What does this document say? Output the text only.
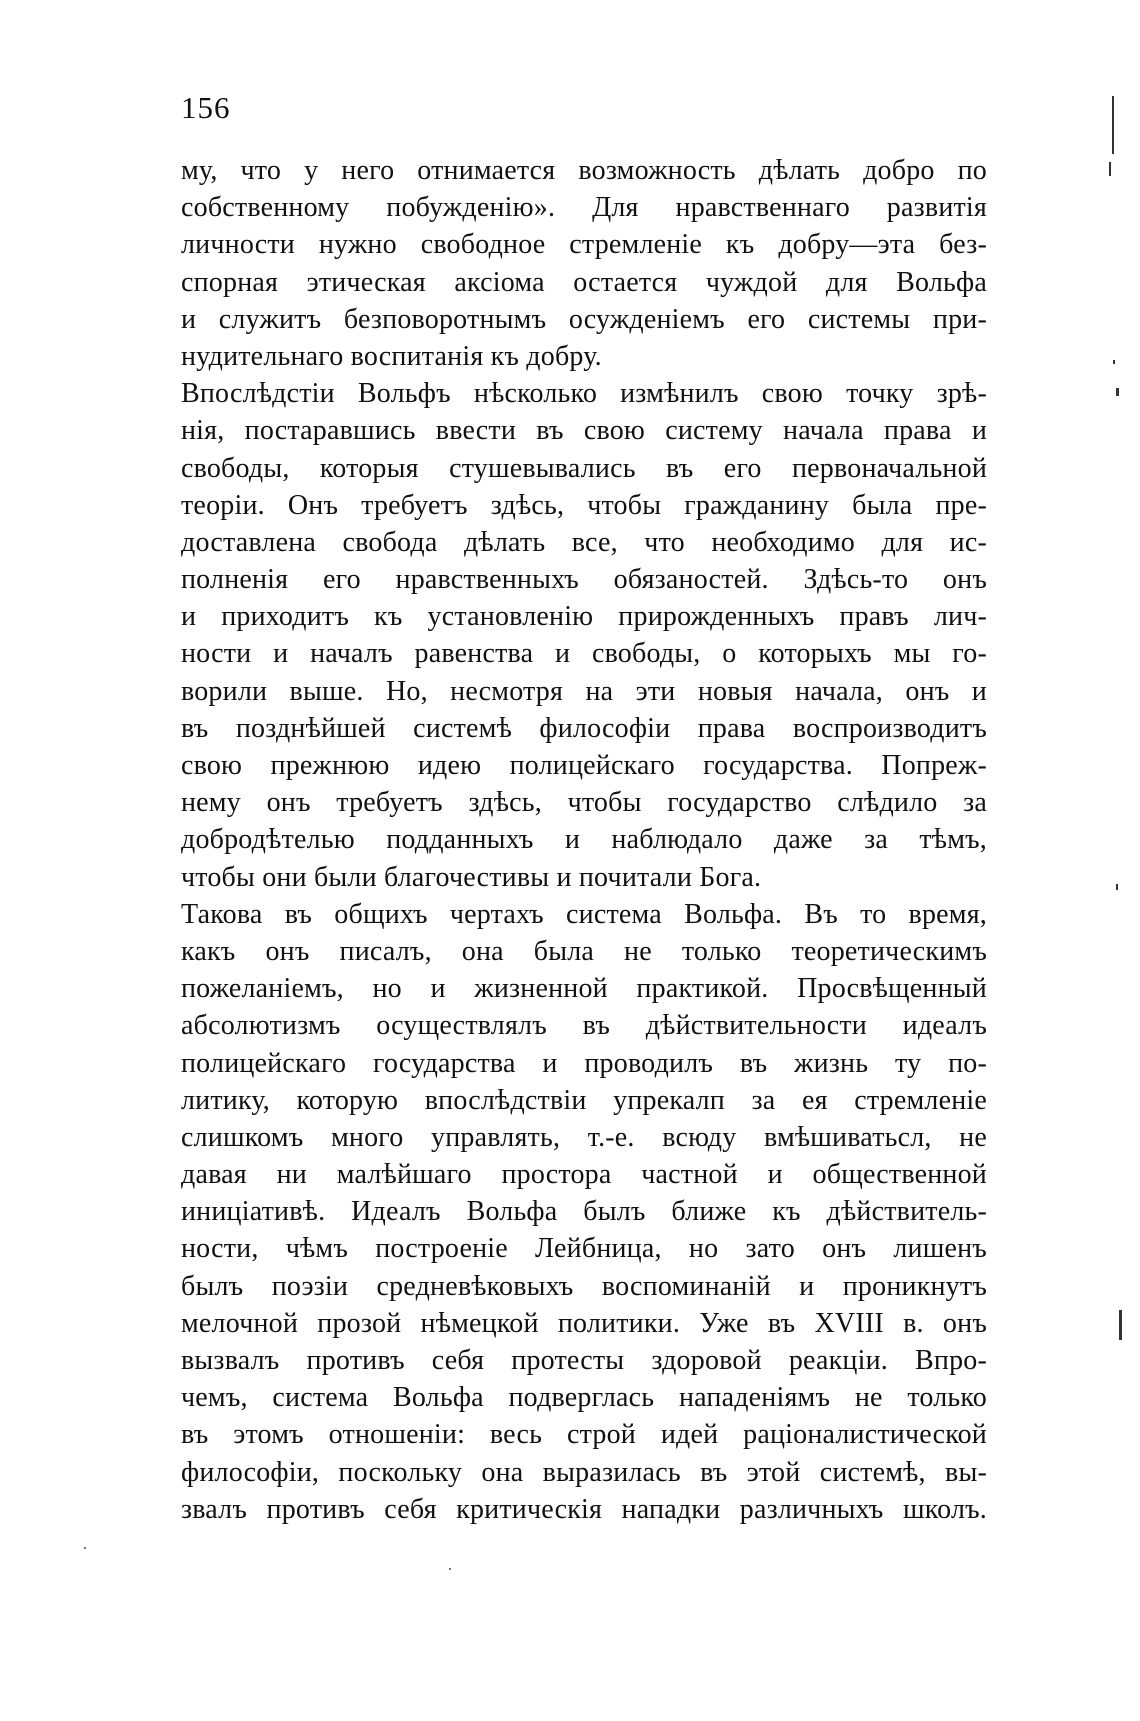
156
му, что у него отнимается возможность дѣлать добро по
собственному побужденію». Для нравственнаго развитія
личности нужно свободное стремленіе къ добру—эта без-
спорная этическая аксіома остается чуждой для Вольфа
и служитъ безповоротнымъ осужденіемъ его системы при-
нудительнаго воспитанія къ добру.
Впослѣдстіи Вольфъ нѣсколько измѣнилъ свою точку зрѣ-
нія, постаравшись ввести въ свою систему начала права и
свободы, которыя стушевывались въ его первоначальной
теоріи. Онъ требуетъ здѣсь, чтобы гражданину была пре-
доставлена свобода дѣлать все, что необходимо для ис-
полненія его нравственныхъ обязаностей. Здѣсь-то онъ
и приходитъ къ установленію прирожденныхъ правъ лич-
ности и началъ равенства и свободы, о которыхъ мы го-
ворили выше. Но, несмотря на эти новыя начала, онъ и
въ позднѣйшей системѣ философіи права воспроизводитъ
свою прежнюю идею полицейскаго государства. Попреж-
нему онъ требуетъ здѣсь, чтобы государство слѣдило за
добродѣтелью подданныхъ и наблюдало даже за тѣмъ,
чтобы они были благочестивы и почитали Бога.
Такова въ общихъ чертахъ система Вольфа. Въ то время,
какъ онъ писалъ, она была не только теоретическимъ
пожеланіемъ, но и жизненной практикой. Просвѣщенный
абсолютизмъ осуществлялъ въ дѣйствительности идеалъ
полицейскаго государства и проводилъ въ жизнь ту по-
литику, которую впослѣдствіи упрекалп за ея стремленіе
слишкомъ много управлять, т.-е. всюду вмѣшиватьсл, не
давая ни малѣйшаго простора частной и общественной
иниціативѣ. Идеалъ Вольфа былъ ближе къ дѣйствитель-
ности, чѣмъ построеніе Лейбница, но зато онъ лишенъ
былъ поэзіи средневѣковыхъ воспоминаній и проникнутъ
мелочной прозой нѣмецкой политики. Уже въ XVIII в. онъ
вызвалъ противъ себя протесты здоровой реакціи. Впро-
чемъ, система Вольфа подверглась нападеніямъ не только
въ этомъ отношеніи: весь строй идей раціоналистической
философіи, поскольку она выразилась въ этой системѣ, вы-
звалъ противъ себя критическія нападки различныхъ школъ.
